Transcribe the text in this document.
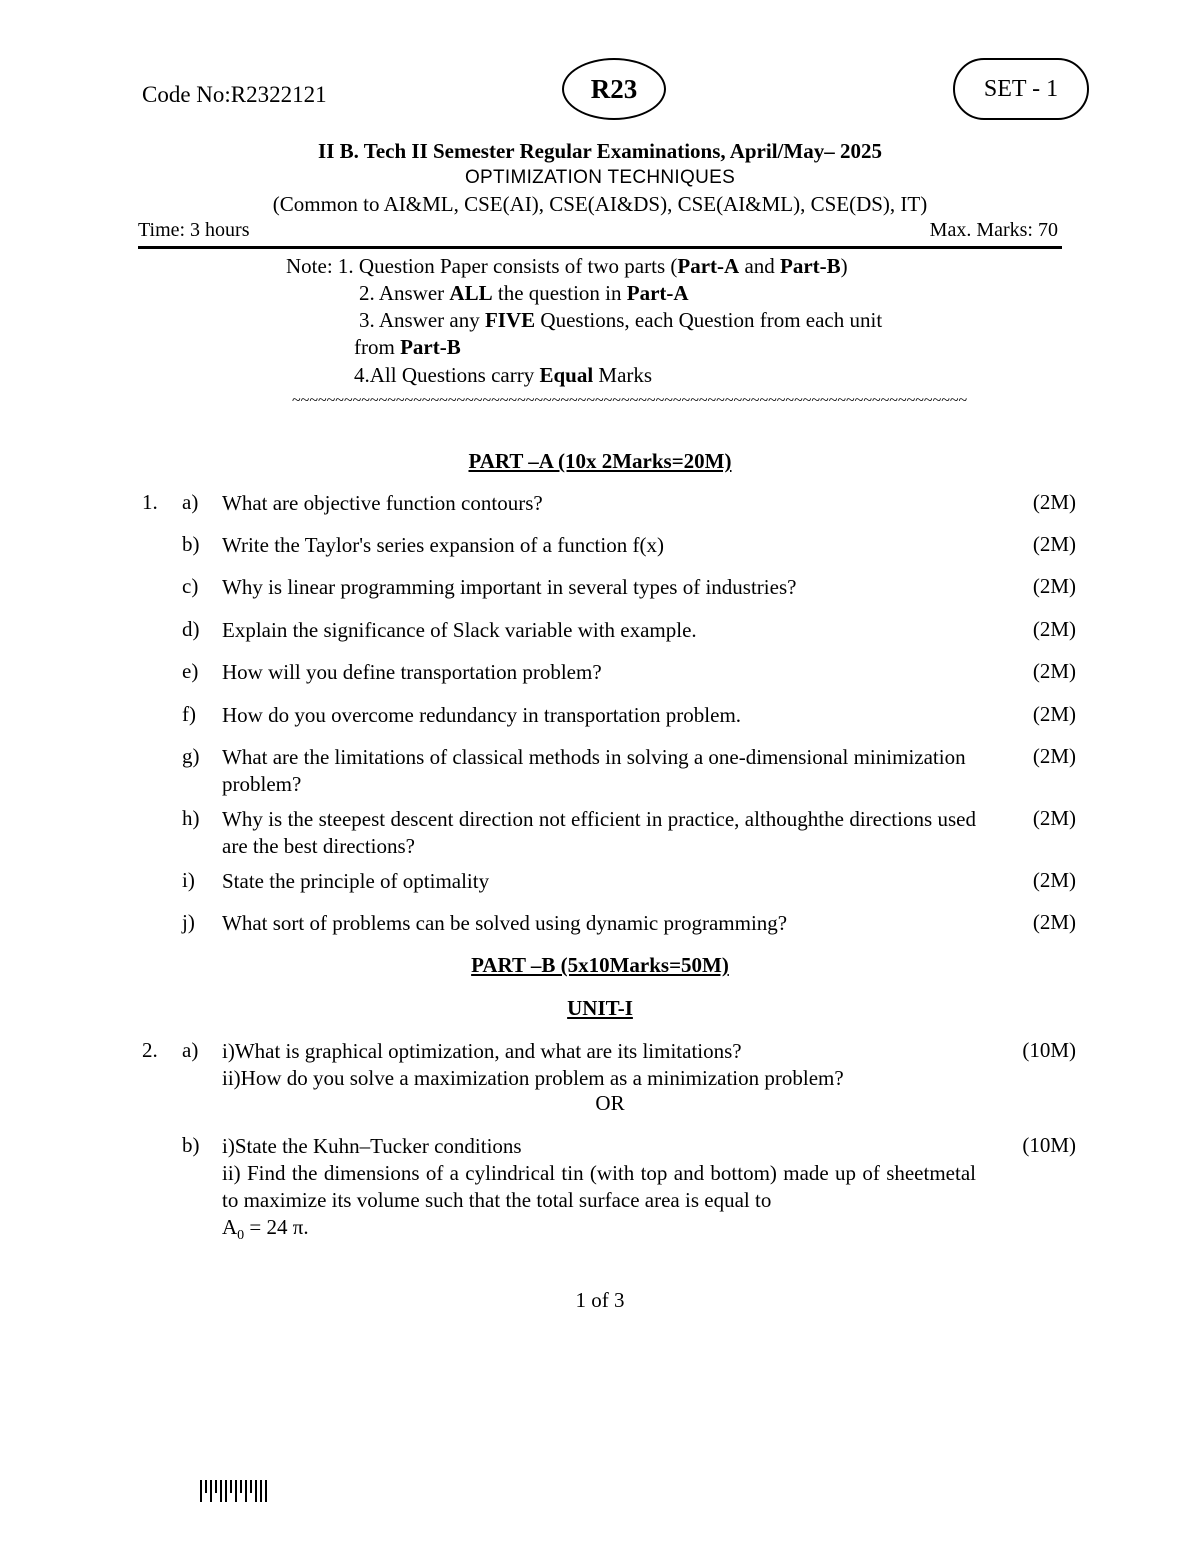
Code No:R2322121	R23	SET - 1
II B. Tech II Semester Regular Examinations, April/May– 2025
OPTIMIZATION TECHNIQUES
(Common to AI&ML, CSE(AI), CSE(AI&DS), CSE(AI&ML), CSE(DS), IT)
Time: 3 hours	Max. Marks: 70
Note: 1. Question Paper consists of two parts (Part-A and Part-B)
2. Answer ALL the question in Part-A
3. Answer any FIVE Questions, each Question from each unit
from Part-B
4.All Questions carry Equal Marks
~~~~~~~~~~~~~~~~~~~~~~~~~~~~~~~~~~~~~~~~~~~~~~~~~~~~~~~~~~~~~~~~~~~~~~~~~~~~~~
PART –A (10x 2Marks=20M)
1. a) What are objective function contours?	(2M)
b) Write the Taylor's series expansion of a function f(x)	(2M)
c) Why is linear programming important in several types of industries?	(2M)
d) Explain the significance of Slack variable with example.	(2M)
e) How will you define transportation problem?	(2M)
f) How do you overcome redundancy in transportation problem.	(2M)
g) What are the limitations of classical methods in solving a one-dimensional minimization problem?
(2M)
h) Why is the steepest descent direction not efficient in practice, althoughthe directions used are the best directions?
(2M)
i) State the principle of optimality	(2M)
j) What sort of problems can be solved using dynamic programming?	(2M)
PART –B (5x10Marks=50M)
UNIT-I
2. a) i)What is graphical optimization, and what are its limitations?
ii)How do you solve a maximization problem as a minimization problem?
(10M)
OR
b) i)State the Kuhn–Tucker conditions
ii) Find the dimensions of a cylindrical tin (with top and bottom) made up of sheetmetal to maximize its volume such that the total surface area is equal to
$A_0 = 24$ π.
(10M)
1 of 3
